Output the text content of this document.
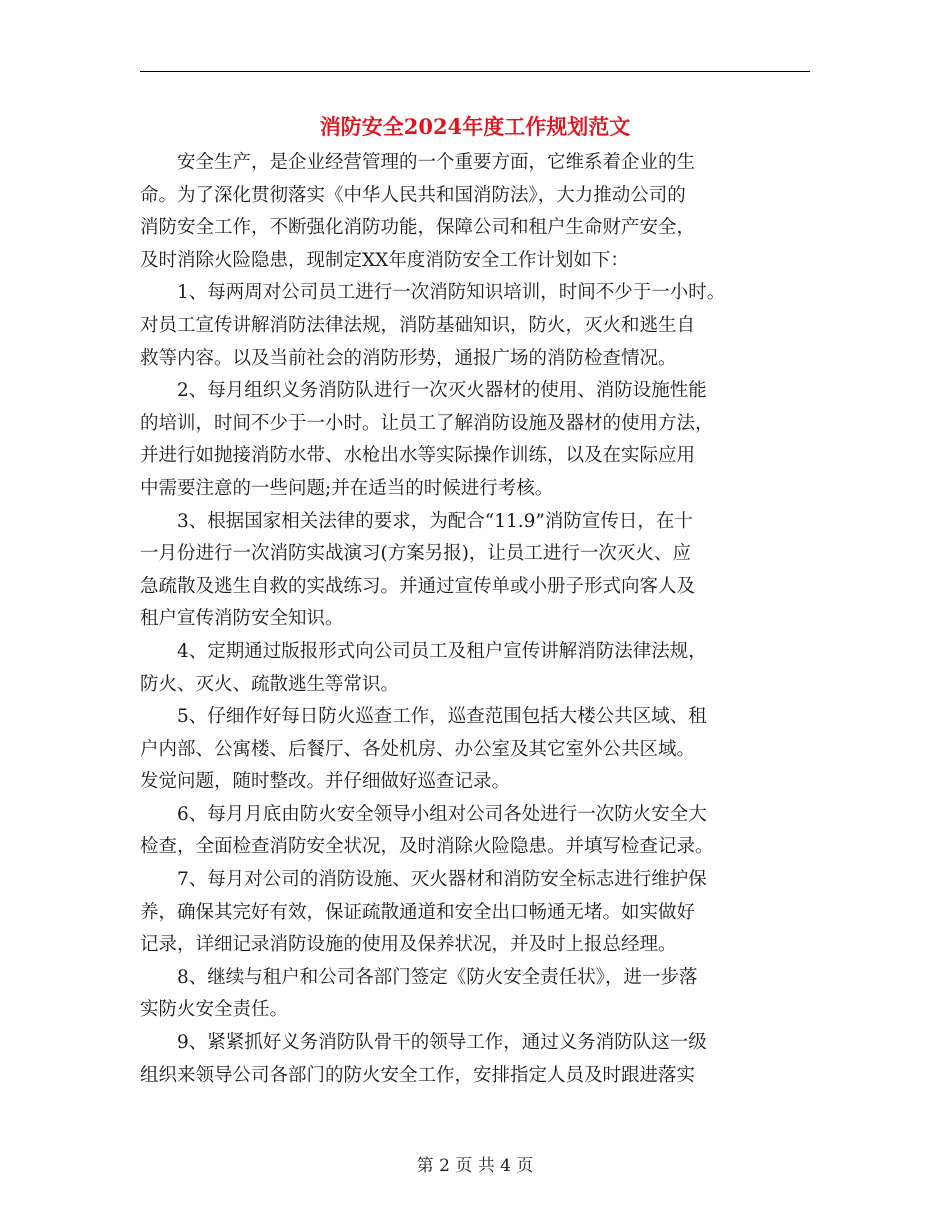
消防安全2024年度工作规划范文

安全生产，是企业经营管理的一个重要方面，它维系着企业的生
命。为了深化贯彻落实《中华人民共和国消防法》，大力推动公司的
消防安全工作，不断强化消防功能，保障公司和租户生命财产安全，
及时消除火险隐患，现制定XX年度消防安全工作计划如下：

1、每两周对公司员工进行一次消防知识培训，时间不少于一小时。
对员工宣传讲解消防法律法规，消防基础知识，防火，灭火和逃生自
救等内容。以及当前社会的消防形势，通报广场的消防检查情况。

2、每月组织义务消防队进行一次灭火器材的使用、消防设施性能
的培训，时间不少于一小时。让员工了解消防设施及器材的使用方法，
并进行如抛接消防水带、水枪出水等实际操作训练，以及在实际应用
中需要注意的一些问题;并在适当的时候进行考核。

3、根据国家相关法律的要求，为配合“11.9”消防宣传日，在十
一月份进行一次消防实战演习(方案另报)，让员工进行一次灭火、应
急疏散及逃生自救的实战练习。并通过宣传单或小册子形式向客人及
租户宣传消防安全知识。

4、定期通过版报形式向公司员工及租户宣传讲解消防法律法规，
防火、灭火、疏散逃生等常识。

5、仔细作好每日防火巡查工作，巡查范围包括大楼公共区域、租
户内部、公寓楼、后餐厅、各处机房、办公室及其它室外公共区域。
发觉问题，随时整改。并仔细做好巡查记录。

6、每月月底由防火安全领导小组对公司各处进行一次防火安全大
检查，全面检查消防安全状况，及时消除火险隐患。并填写检查记录。

7、每月对公司的消防设施、灭火器材和消防安全标志进行维护保
养，确保其完好有效，保证疏散通道和安全出口畅通无堵。如实做好
记录，详细记录消防设施的使用及保养状况，并及时上报总经理。

8、继续与租户和公司各部门签定《防火安全责任状》，进一步落
实防火安全责任。

9、紧紧抓好义务消防队骨干的领导工作，通过义务消防队这一级
组织来领导公司各部门的防火安全工作，安排指定人员及时跟进落实

第 2 页 共 4 页
